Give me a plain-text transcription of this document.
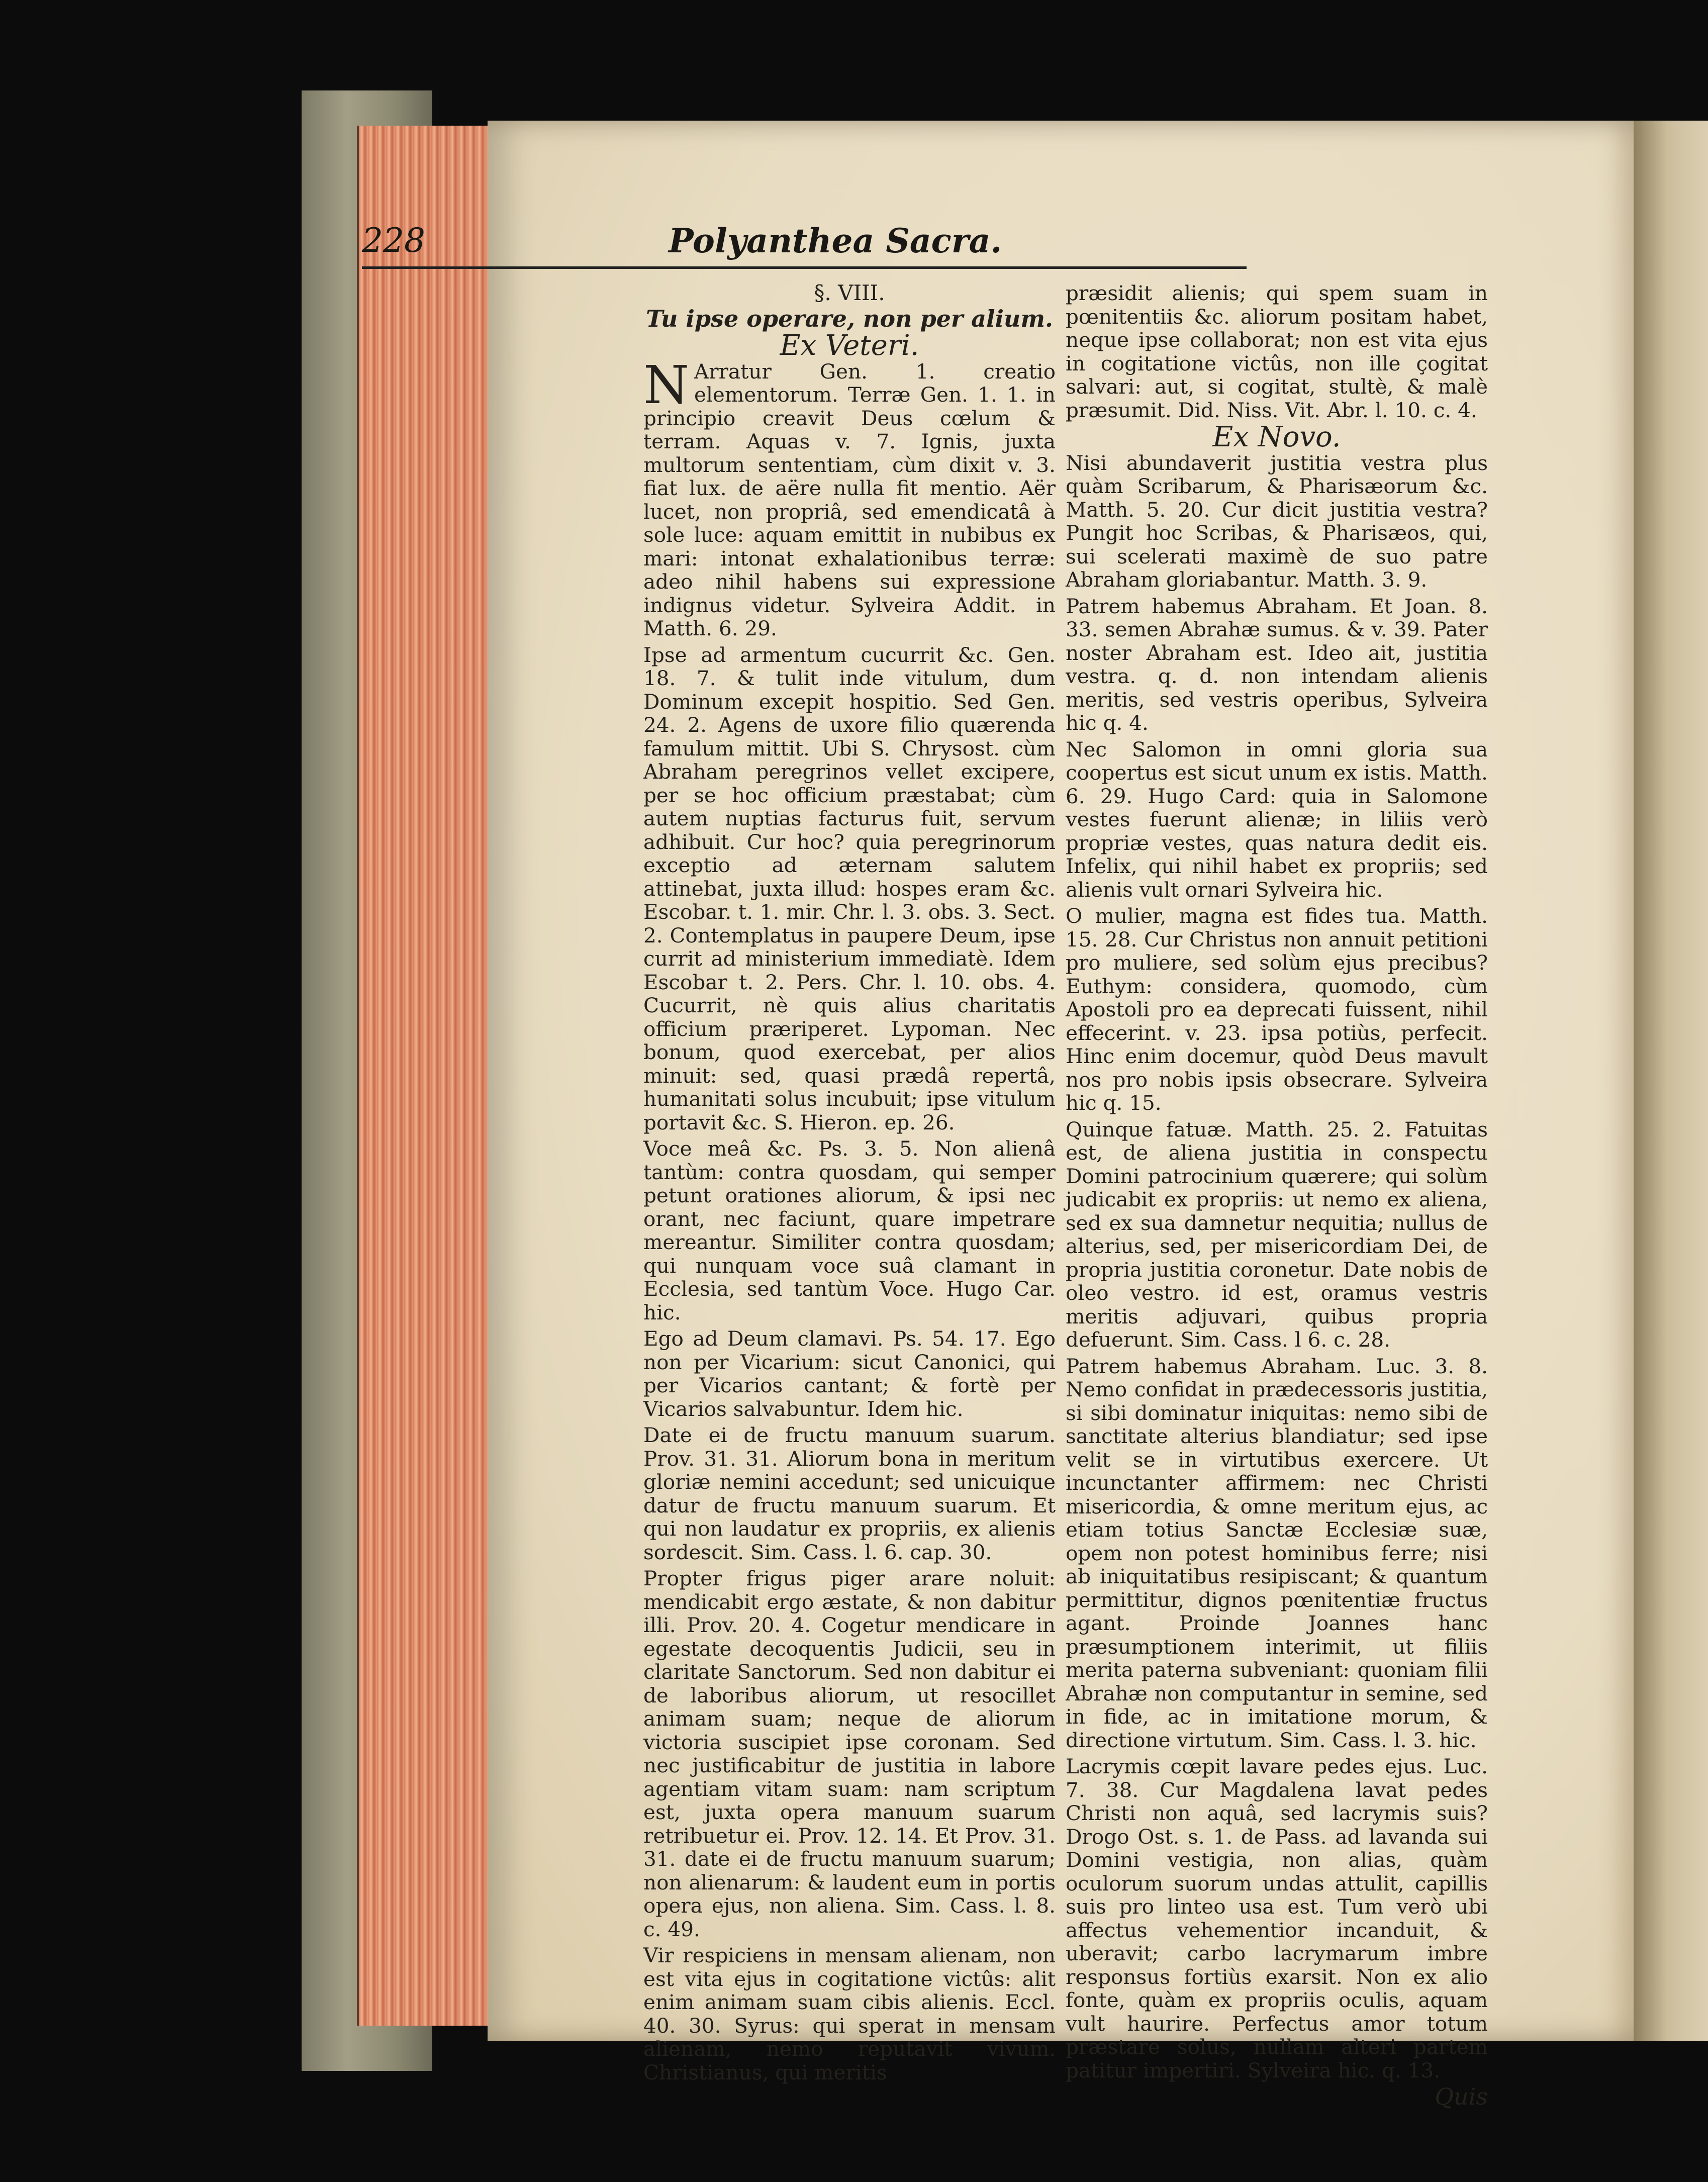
228	Polyanthea Sacra.
§. VIII.
Tu ipse operare, non per alium.
Ex Veteri.

N Arratur Gen. 1. creatio elementorum. Terræ Gen. 1. 1. in principio creavit Deus cœlum & terram. Aquas v. 7. Ignis, juxta multorum sententiam, cùm dixit v. 3. fiat lux. de aëre nulla fit mentio. Aër lucet, non propriâ, sed emendicatâ à sole luce: aquam emittit in nubibus ex mari: intonat exhalationibus terræ: adeo nihil habens sui expressione indignus videtur. Sylveira Addit. in Matth. 6. 29.

Ipse ad armentum cucurrit &c. Gen. 18. 7. & tulit inde vitulum, dum Dominum excepit hospitio. Sed Gen. 24. 2. Agens de uxore filio quærenda famulum mittit. Ubi S. Chrysost. cùm Abraham peregrinos vellet excipere, per se hoc officium præstabat; cùm autem nuptias facturus fuit, servum adhibuit. Cur hoc? quia peregrinorum exceptio ad æternam salutem attinebat, juxta illud: hospes eram &c. Escobar. t. 1. mir. Chr. l. 3. obs. 3. Sect. 2. Contemplatus in paupere Deum, ipse currit ad ministerium immediatè. Idem Escobar t. 2. Pers. Chr. l. 10. obs. 4. Cucurrit, nè quis alius charitatis officium præriperet. Lypoman. Nec bonum, quod exercebat, per alios minuit: sed, quasi prædâ repertâ, humanitati solus incubuit; ipse vitulum portavit &c. S. Hieron. ep. 26.

Voce meâ &c. Ps. 3. 5. Non alienâ tantùm: contra quosdam, qui semper petunt orationes aliorum, & ipsi nec orant, nec faciunt, quare impetrare mereantur. Similiter contra quosdam; qui nunquam voce suâ clamant in Ecclesia, sed tantùm Voce. Hugo Car. hic.

Ego ad Deum clamavi. Ps. 54. 17. Ego non per Vicarium: sicut Canonici, qui per Vicarios cantant; & fortè per Vicarios salvabuntur. Idem hic.

Date ei de fructu manuum suarum. Prov. 31. 31. Aliorum bona in meritum gloriæ nemini accedunt; sed unicuique datur de fructu manuum suarum. Et qui non laudatur ex propriis, ex alienis sordescit. Sim. Cass. l. 6. cap. 30.

Propter frigus piger arare noluit: mendicabit ergo æstate, & non dabitur illi. Prov. 20. 4. Cogetur mendicare in egestate decoquentis Judicii, seu in claritate Sanctorum. Sed non dabitur ei de laboribus aliorum, ut resocillet animam suam; neque de aliorum victoria suscipiet ipse coronam. Sed nec justificabitur de justitia in labore agentiam vitam suam: nam scriptum est, juxta opera manuum suarum retribuetur ei. Prov. 12. 14. Et Prov. 31. 31. date ei de fructu manuum suarum; non alienarum: & laudent eum in portis opera ejus, non aliena. Sim. Cass. l. 8. c. 49.

Vir respiciens in mensam alienam, non est vita ejus in cogitatione victûs: alit enim animam suam cibis alienis. Eccl. 40. 30. Syrus: qui sperat in mensam alienam, nemo reputavit vivum. Christianus, qui meritis

præsidit alienis; qui spem suam in pœnitentiis &c. aliorum positam habet, neque ipse collaborat; non est vita ejus in cogitatione victûs, non ille çogitat salvari: aut, si cogitat, stultè, & malè præsumit. Did. Niss. Vit. Abr. l. 10. c. 4.

Ex Novo.

Nisi abundaverit justitia vestra plus quàm Scribarum, & Pharisæorum &c. Matth. 5. 20. Cur dicit justitia vestra? Pungit hoc Scribas, & Pharisæos, qui, sui scelerati maximè de suo patre Abraham gloriabantur. Matth. 3. 9.

Patrem habemus Abraham. Et Joan. 8. 33. semen Abrahæ sumus. & v. 39. Pater noster Abraham est. Ideo ait, justitia vestra. q. d. non intendam alienis meritis, sed vestris operibus, Sylveira hic q. 4.

Nec Salomon in omni gloria sua coopertus est sicut unum ex istis. Matth. 6. 29. Hugo Card: quia in Salomone vestes fuerunt alienæ; in liliis verò propriæ vestes, quas natura dedit eis. Infelix, qui nihil habet ex propriis; sed alienis vult ornari Sylveira hic.

O mulier, magna est fides tua. Matth. 15. 28. Cur Christus non annuit petitioni pro muliere, sed solùm ejus precibus? Euthym: considera, quomodo, cùm Apostoli pro ea deprecati fuissent, nihil effecerint. v. 23. ipsa potiùs, perfecit. Hinc enim docemur, quòd Deus mavult nos pro nobis ipsis obsecrare. Sylveira hic q. 15.

Quinque fatuæ. Matth. 25. 2. Fatuitas est, de aliena justitia in conspectu Domini patrocinium quærere; qui solùm judicabit ex propriis: ut nemo ex aliena, sed ex sua damnetur nequitia; nullus de alterius, sed, per misericordiam Dei, de propria justitia coronetur. Date nobis de oleo vestro. id est, oramus vestris meritis adjuvari, quibus propria defuerunt. Sim. Cass. l 6. c. 28.

Patrem habemus Abraham. Luc. 3. 8. Nemo confidat in prædecessoris justitia, si sibi dominatur iniquitas: nemo sibi de sanctitate alterius blandiatur; sed ipse velit se in virtutibus exercere. Ut incunctanter affirmem: nec Christi misericordia, & omne meritum ejus, ac etiam totius Sanctæ Ecclesiæ suæ, opem non potest hominibus ferre; nisi ab iniquitatibus resipiscant; & quantum permittitur, dignos pœnitentiæ fructus agant. Proinde Joannes hanc præsumptionem interimit, ut filiis merita paterna subveniant: quoniam filii Abrahæ non computantur in semine, sed in fide, ac in imitatione morum, & directione virtutum. Sim. Cass. l. 3. hic.

Lacrymis cœpit lavare pedes ejus. Luc. 7. 38. Cur Magdalena lavat pedes Christi non aquâ, sed lacrymis suis? Drogo Ost. s. 1. de Pass. ad lavanda sui Domini vestigia, non alias, quàm oculorum suorum undas attulit, capillis suis pro linteo usa est. Tum verò ubi affectus vehementior incanduit, & uberavit; carbo lacrymarum imbre responsus fortiùs exarsit. Non ex alio fonte, quàm ex propriis oculis, aquam vult haurire. Perfectus amor totum præstare solus, nullam alteri partem patitur impertiri. Sylveira hic. q. 13.

Quis
